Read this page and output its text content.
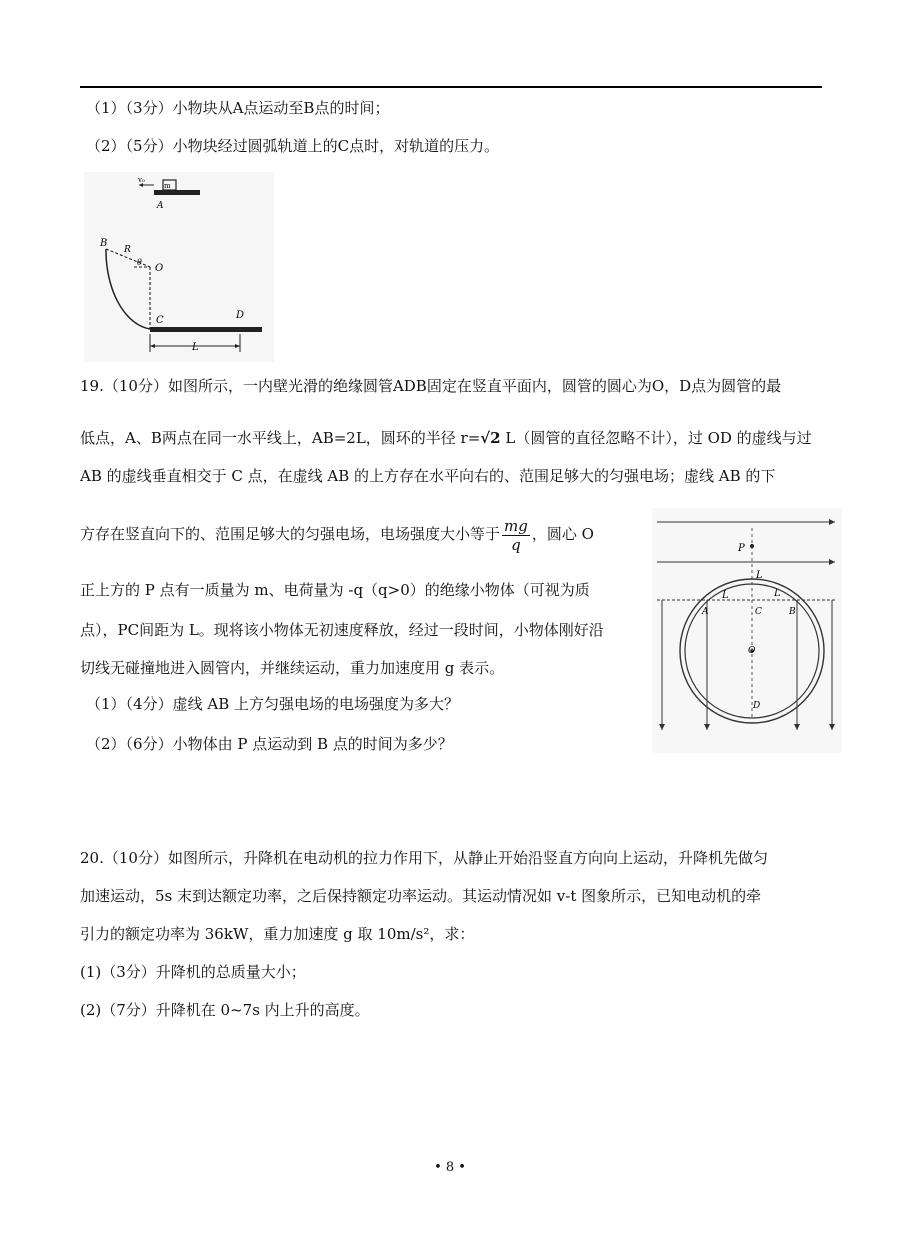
（1）（3分）小物块从A点运动至B点的时间；
（2）（5分）小物块经过圆弧轨道上的C点时，对轨道的压力。
m
v₀
A
B
R
θ
O
C	D
L
19.（10分）如图所示，一内壁光滑的绝缘圆管ADB固定在竖直平面内，圆管的圆心为O，D点为圆管的最
低点，A、B两点在同一水平线上，AB=2L，圆环的半径 r=√2 L（圆管的直径忽略不计），过 OD 的虚线与过
AB 的虚线垂直相交于 C 点，在虚线 AB 的上方存在水平向右的、范围足够大的匀强电场；虚线 AB 的下
方存在竖直向下的、范围足够大的匀强电场，电场强度大小等于 $\frac{mg}{q}$ ，圆心 O
正上方的 P 点有一质量为 m、电荷量为 -q（q>0）的绝缘小物体（可视为质
点），PC间距为 L。现将该小物体无初速度释放，经过一段时间，小物体刚好沿
切线无碰撞地进入圆管内，并继续运动，重力加速度用 g 表示。
（1）（4分）虚线 AB 上方匀强电场的电场强度为多大？
（2）（6分）小物体由 P 点运动到 B 点的时间为多少？
P
L
L	L
A	C	B
O
D
20.（10分）如图所示，升降机在电动机的拉力作用下，从静止开始沿竖直方向向上运动，升降机先做匀
加速运动，5s 末到达额定功率，之后保持额定功率运动。其运动情况如 v-t 图象所示，已知电动机的牵
引力的额定功率为 36kW，重力加速度 g 取 10m/s²，求：
(1)（3分）升降机的总质量大小；
(2)（7分）升降机在 0~7s 内上升的高度。
• 8 •
